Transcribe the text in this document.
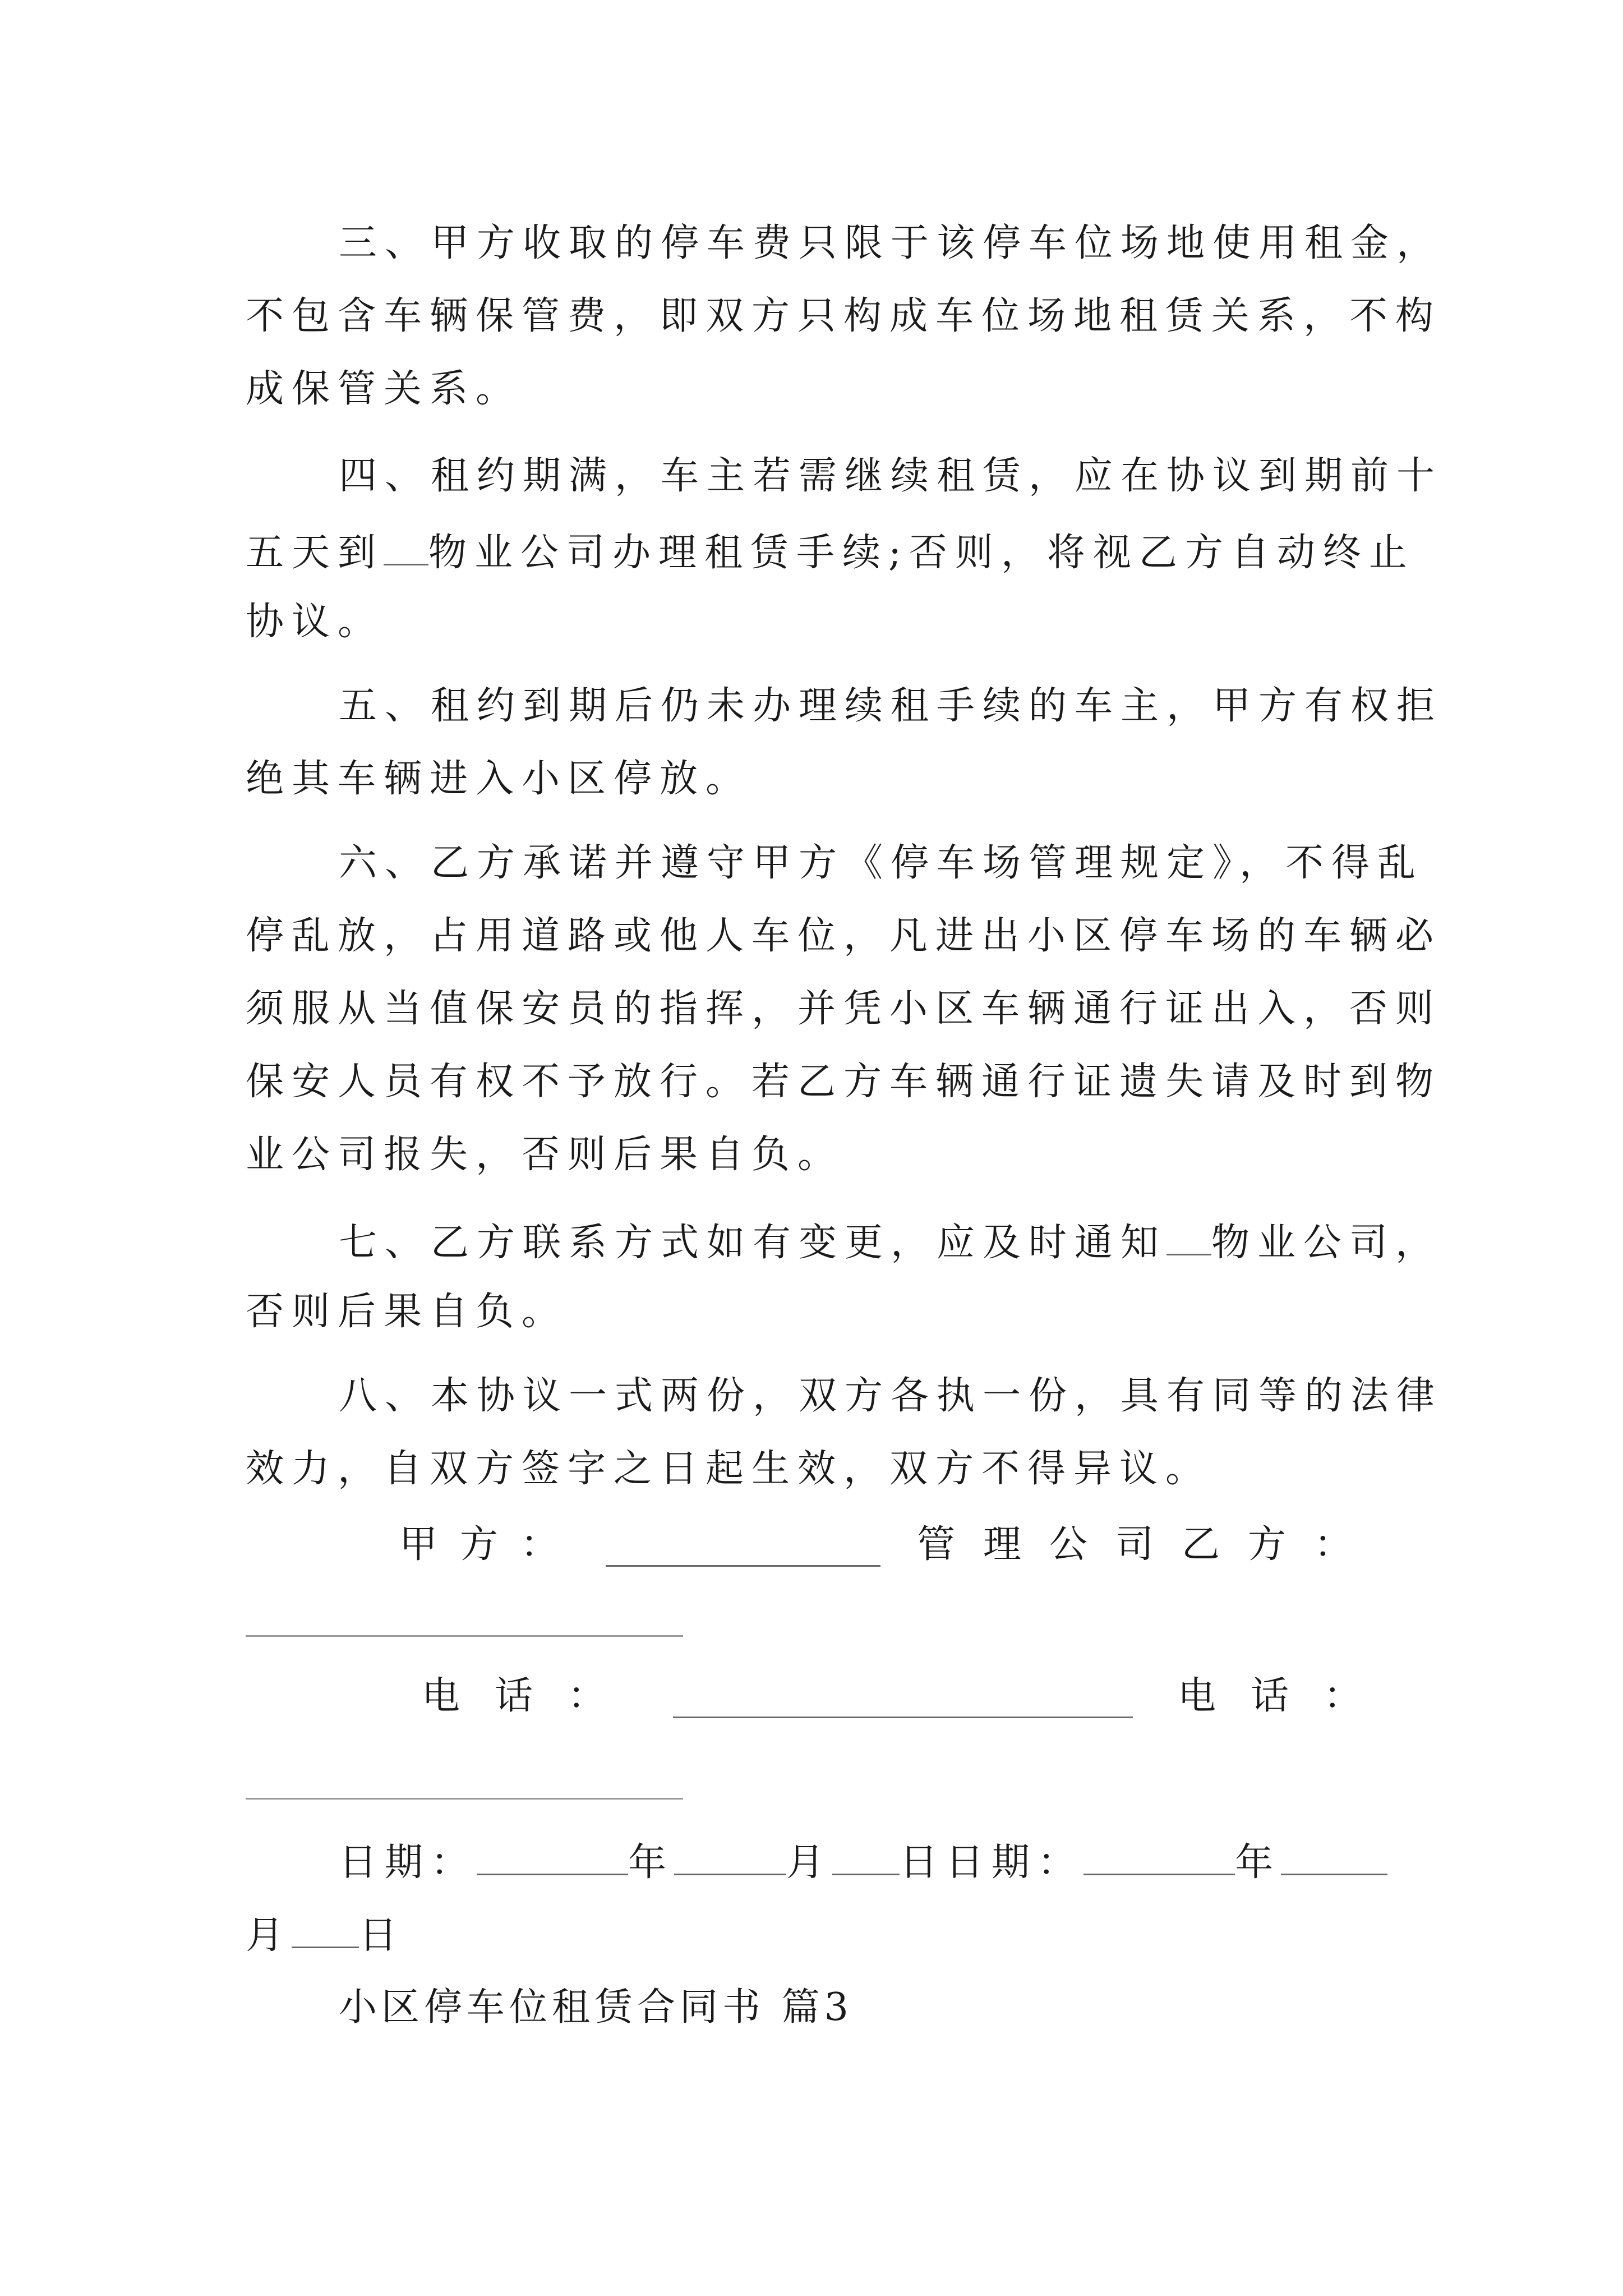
三、甲方收取的停车费只限于该停车位场地使用租金，
不包含车辆保管费，即双方只构成车位场地租赁关系，不构
成保管关系。
四、租约期满，车主若需继续租赁，应在协议到期前十
五天到 物业公司办理租赁手续;否则，将视乙方自动终止
协议。
五、租约到期后仍未办理续租手续的车主，甲方有权拒
绝其车辆进入小区停放。
六、乙方承诺并遵守甲方《停车场管理规定》，不得乱
停乱放，占用道路或他人车位，凡进出小区停车场的车辆必
须服从当值保安员的指挥，并凭小区车辆通行证出入，否则
保安人员有权不予放行。若乙方车辆通行证遗失请及时到物
业公司报失，否则后果自负。
七、乙方联系方式如有变更，应及时通知 物业公司，
否则后果自负。
八、本协议一式两份，双方各执一份，具有同等的法律
效力，自双方签字之日起生效，双方不得异议。
甲方：	管理公司乙方：
电话：	电话：
日期：	年	月 日日期：	年
月 日
小区停车位租赁合同书 篇3
